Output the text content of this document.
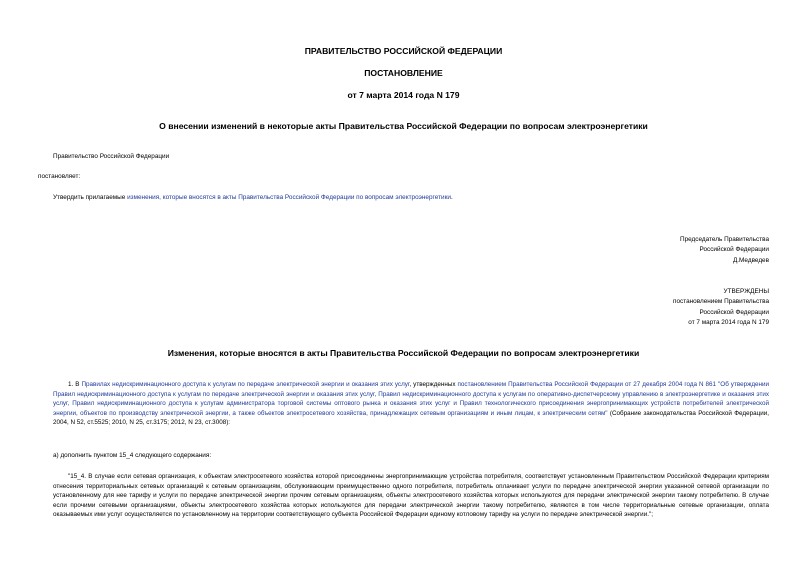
ПРАВИТЕЛЬСТВО РОССИЙСКОЙ ФЕДЕРАЦИИ

ПОСТАНОВЛЕНИЕ

от 7 марта 2014 года N 179

О внесении изменений в некоторые акты Правительства Российской Федерации по вопросам электроэнергетики

Правительство Российской Федерации

постановляет:

Утвердить прилагаемые изменения, которые вносятся в акты Правительства Российской Федерации по вопросам электроэнергетики.

Председатель Правительства
Российской Федерации
Д.Медведев
УТВЕРЖДЕНЫ
постановлением Правительства
Российской Федерации
от 7 марта 2014 года N 179

Изменения, которые вносятся в акты Правительства Российской Федерации по вопросам электроэнергетики

1. В Правилах недискриминационного доступа к услугам по передаче электрической энергии и оказания этих услуг, утвержденных постановлением Правительства Российской Федерации от 27 декабря 2004 года N 861 "Об утверждении Правил недискриминационного доступа к услугам по передаче электрической энергии и оказания этих услуг, Правил недискриминационного доступа к услугам по оперативно-диспетчерскому управлению в электроэнергетике и оказания этих услуг, Правил недискриминационного доступа к услугам администратора торговой системы оптового рынка и оказания этих услуг и Правил технологического присоединения энергопринимающих устройств потребителей электрической энергии, объектов по производству электрической энергии, а также объектов электросетевого хозяйства, принадлежащих сетевым организациям и иным лицам, к электрическим сетям" (Собрание законодательства Российской Федерации, 2004, N 52, ст.5525; 2010, N 25, ст.3175; 2012, N 23, ст.3008):

а) дополнить пунктом 15_4 следующего содержания:

"15_4. В случае если сетевая организация, к объектам электросетевого хозяйства которой присоединены энергопринимающие устройства потребителя, соответствует установленным Правительством Российской Федерации критериям отнесения территориальных сетевых организаций к сетевым организациям, обслуживающим преимущественно одного потребителя, потребитель оплачивает услуги по передаче электрической энергии указанной сетевой организации по установленному для нее тарифу и услуги по передаче электрической энергии прочим сетевым организациям, объекты электросетевого хозяйства которых используются для передачи электрической энергии такому потребителю. В случае если прочими сетевыми организациями, объекты электросетевого хозяйства которых используются для передачи электрической энергии такому потребителю, являются в том числе территориальные сетевые организации, оплата оказываемых ими услуг осуществляется по установленному на территории соответствующего субъекта Российской Федерации единому котловому тарифу на услуги по передаче электрической энергии.";
